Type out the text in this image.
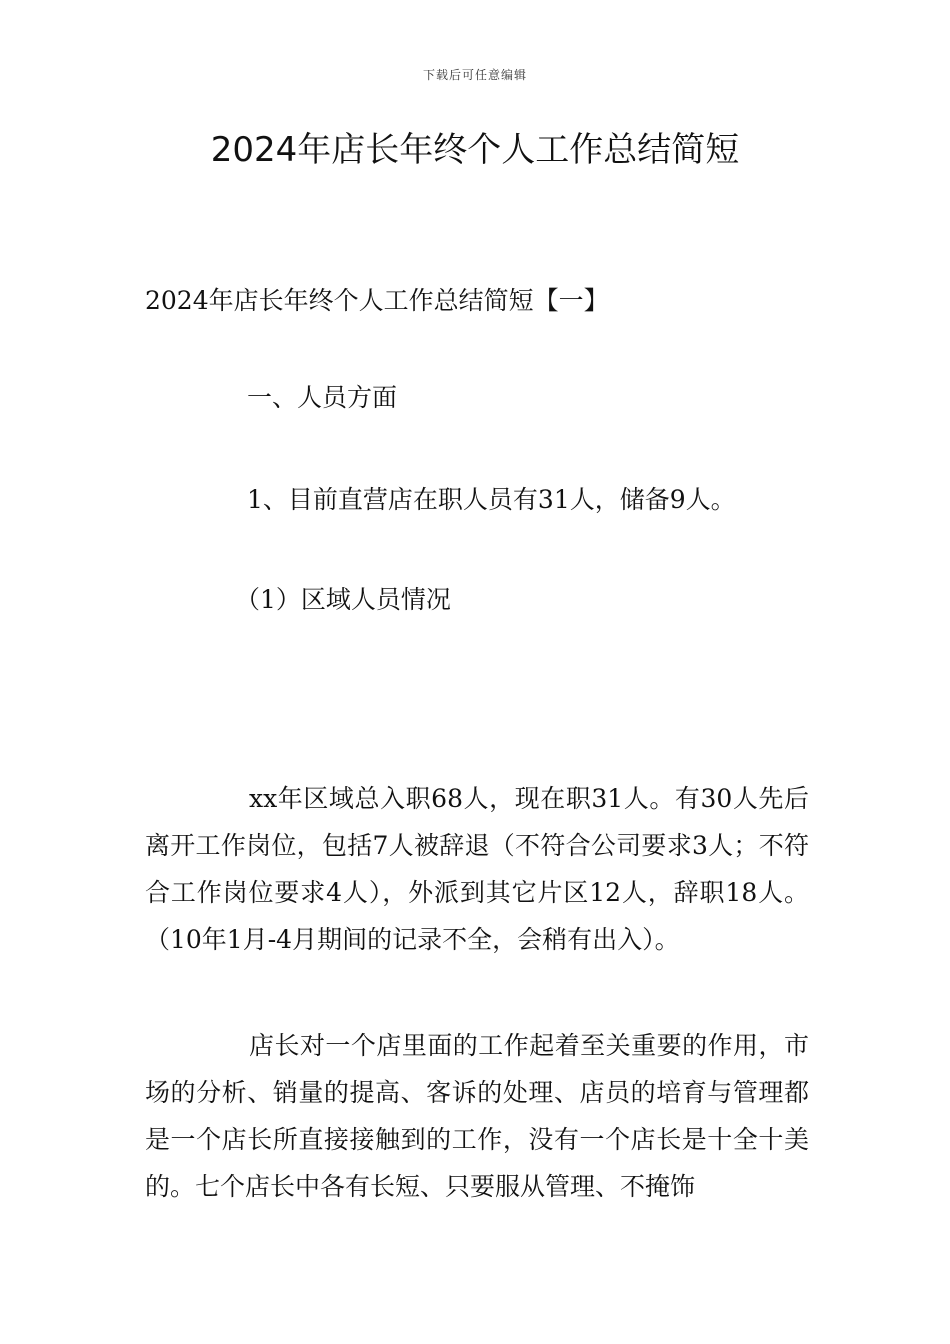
下载后可任意编辑
2024年店长年终个人工作总结简短

2024年店长年终个人工作总结简短【一】

一、人员方面

1、目前直营店在职人员有31人，储备9人。

（1）区域人员情况

xx年区域总入职68人，现在职31人。有30人先后离开工作岗位，包括7人被辞退（不符合公司要求3人；不符合工作岗位要求4人），外派到其它片区12人，辞职18人。（10年1月-4月期间的记录不全，会稍有出入）。

店长对一个店里面的工作起着至关重要的作用，市场的分析、销量的提高、客诉的处理、店员的培育与管理都是一个店长所直接接触到的工作，没有一个店长是十全十美的。七个店长中各有长短、只要服从管理、不掩饰
